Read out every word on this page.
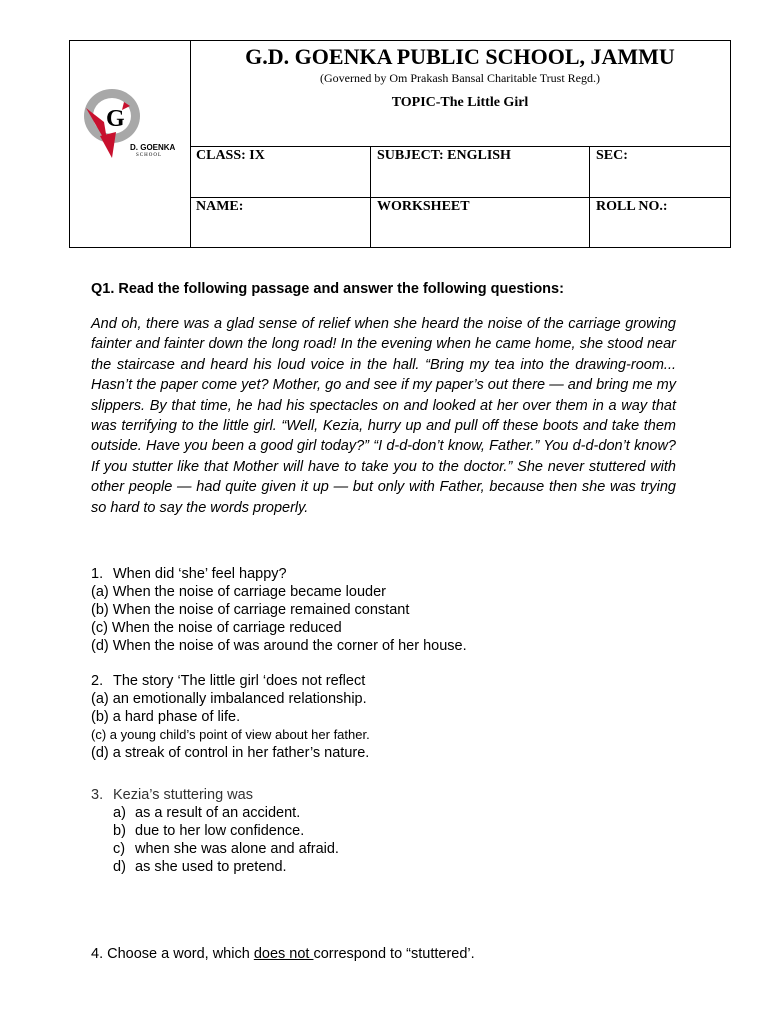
G
D. GOENKA
SCHOOL
G.D. GOENKA PUBLIC SCHOOL, JAMMU
(Governed by Om Prakash Bansal Charitable Trust Regd.)
TOPIC-The Little Girl
CLASS: IX	SUBJECT: ENGLISH	SEC:
NAME:	WORKSHEET	ROLL NO.:
Q1. Read the following passage and answer the following questions:
And oh, there was a glad sense of relief when she heard the noise of the carriage growing fainter and fainter down the long road! In the evening when he came home, she stood near the staircase and heard his loud voice in the hall. “Bring my tea into the drawing-room... Hasn’t the paper come yet? Mother, go and see if my paper’s out there — and bring me my slippers. By that time, he had his spectacles on and looked at her over them in a way that was terrifying to the little girl. “Well, Kezia, hurry up and pull off these boots and take them outside. Have you been a good girl today?” “I d-d-don’t know, Father.” You d-d-don’t know? If you stutter like that Mother will have to take you to the doctor.” She never stuttered with other people — had quite given it up — but only with Father, because then she was trying so hard to say the words properly.
1. When did ‘she’ feel happy?
(a) When the noise of carriage became louder
(b) When the noise of carriage remained constant
(c) When the noise of carriage reduced
(d) When the noise of was around the corner of her house.
2. The story ‘The little girl ‘does not reflect
(a) an emotionally imbalanced relationship.
(b) a hard phase of life.
(c) a young child’s point of view about her father.
(d) a streak of control in her father’s nature.
3. Kezia’s stuttering was
a) as a result of an accident.
b) due to her low confidence.
c) when she was alone and afraid.
d) as she used to pretend.
4. Choose a word, which does not correspond to “stuttered’.
